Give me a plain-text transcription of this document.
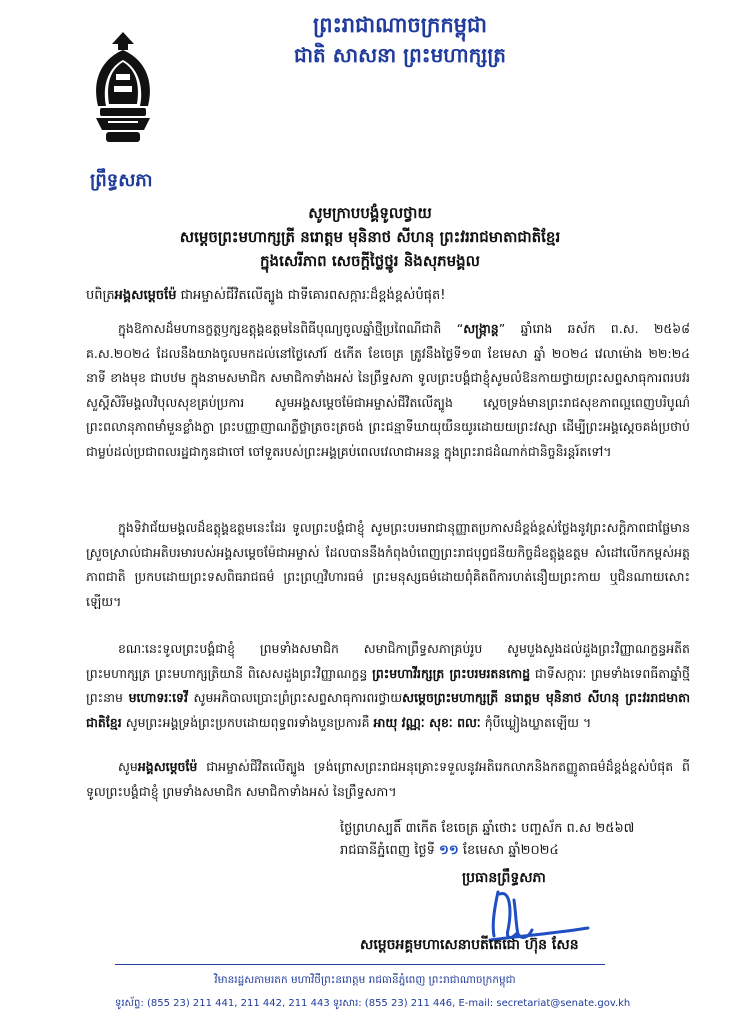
ព្រះរាជាណាចក្រកម្ពុជា
ជាតិ សាសនា ព្រះមហាក្សត្រ
ព្រឹទ្ធសភា
សូមក្រាបបង្គំទូលថ្វាយ
សម្ដេចព្រះមហាក្សត្រី នរោត្តម មុនិនាថ សីហនុ ព្រះវររាជមាតាជាតិខ្មែរ
ក្នុងសេរីភាព សេចក្ដីថ្លៃថ្នូរ និងសុភមង្គល
បពិត្រអង្គសម្ដេចម៉ែ ជាអម្ចាស់ជីវិតលើត្បូង ជាទីគោរពសក្ការៈដ៏ខ្ពង់ខ្ពស់បំផុត!
ក្នុងឱកាសដ៏មហានក្ខត្តឫក្សឧត្តុង្គឧត្តមនៃពិធីបុណ្យចូលឆ្នាំថ្មីប្រពៃណីជាតិ “សង្ក្រាន្ត” ឆ្នាំរោង ឆស័ក ព.ស. ២៥៦៨ គ.ស.២០២៤ ដែលនឹងយាងចូលមកដល់នៅថ្ងៃសៅរ៍ ៥កើត ខែចេត្រ ត្រូវនឹងថ្ងៃទី១៣ ខែមេសា ឆ្នាំ ២០២៤ វេលាម៉ោង ២២:២៤ នាទី ខាងមុខ ជាបឋម ក្នុងនាមសមាជិក សមាជិកាទាំងអស់ នៃព្រឹទ្ធសភា ទូលព្រះបង្គំជាខ្ញុំសូមលំឱនកាយថ្វាយព្រះសព្ទសាធុការពរបវរសួស្ដីសិរីមង្គលវិបុលសុខគ្រប់ប្រការ សូមអង្គសម្ដេចម៉ែជាអម្ចាស់ជីវិតលើត្បូង ស្ដេចទ្រង់មានព្រះរាជសុខភាពល្អពេញបរិបូណ៌ ព្រះពលានុភាពមាំមួនខ្លាំងក្លា ព្រះបញ្ញាញាណភ្លឺថ្លាត្រចះត្រចង់ ព្រះជន្មាទីឃាយុយឺនយូរដោយយព្រះវស្សា ដើម្បីព្រះអង្គស្ដេចគង់ប្រថាប់ជាម្លប់ដល់ប្រជាពលរដ្ឋជាកូនជាចៅ ចៅទួតរបស់ព្រះអង្គគ្រប់ពេលវេលាជាអនន្ត ក្នុងព្រះរាជដំណាក់ជានិច្ចនិរន្តរ៍តទៅ។
ក្នុងទិវាជ័យមង្គលដ៏ឧត្តុង្គឧត្តមនេះដែរ ទូលព្រះបង្គំជាខ្ញុំ សូមព្រះបរមរាជានុញ្ញាតប្រកាសដ៏ខ្ពង់ខ្ពស់ថ្លែងនូវព្រះសក្ដិភាពជាផ្លែមានស្រួចស្រាល់ជាអតិបរមារបស់អង្គសម្ដេចម៉ែជាអម្ចាស់ ដែលបាននឹងកំពុងបំពេញព្រះរាជបុព្វជនីយកិច្ចដ៏ឧត្តុង្គឧត្តម សំដៅលើកកម្ពស់អត្តភាពជាតិ ប្រកបដោយព្រះទសពិធរាជធម៌ ព្រះព្រហ្មវិហារធម៌ ព្រះមនុស្សធម៌ដោយពុំគិតពីការហត់នឿយព្រះកាយ ឬជិនណាយសោះឡើយ។
ខណៈនេះទូលព្រះបង្គំជាខ្ញុំ ព្រមទាំងសមាជិក សមាជិកាព្រឹទ្ធសភាគ្រប់រូប សូមបួងសួងដល់ដួងព្រះវិញ្ញាណក្ខន្ធអតីតព្រះមហាក្សត្រ ព្រះមហាក្សត្រិយានី ពិសេសដួងព្រះវិញ្ញាណក្ខន្ធ ព្រះមហាវីរក្សត្រ ព្រះបរមរតនកោដ្ឋ ជាទីសក្ការៈ ព្រមទាំងទេពធីតាឆ្នាំថ្មី ព្រះនាម មហោទរៈទេវី សូមអភិបាលប្រោះព្រំព្រះសព្ទសាធុការពរថ្វាយសម្ដេចព្រះមហាក្សត្រី នរោត្តម មុនិនាថ សីហនុ ព្រះវររាជមាតាជាតិខ្មែរ សូមព្រះអង្គទ្រង់ព្រះប្រកបដោយពុទ្ធពរទាំងបួនប្រការគឺ អាយុ វណ្ណៈ សុខៈ ពលៈ កុំបីឃ្លៀងឃ្លាតឡើយ ។
សូមអង្គសម្ដេចម៉ែ ជាអម្ចាស់ជីវិតលើត្បូង ទ្រង់ព្រោសព្រះរាជអនុគ្រោះទទួលនូវអតិរេកលាភនិងកតញ្ញូតាធម៌ដ៏ខ្ពង់ខ្ពស់បំផុត ពីទូលព្រះបង្គំជាខ្ញុំ ព្រមទាំងសមាជិក សមាជិកាទាំងអស់ នៃព្រឹទ្ធសភា។
ថ្ងៃព្រហស្បតិ៍ ៣កើត ខែចេត្រ ឆ្នាំថោះ បញ្ចស័ក ព.ស ២៥៦៧
រាជធានីភ្នំពេញ ថ្ងៃទី ១១ ខែមេសា ឆ្នាំ២០២៤
ប្រធានព្រឹទ្ធសភា
សម្ដេចអគ្គមហាសេនាបតីតេជោ ហ៊ុន សែន
វិមានរដ្ឋសភាមរតក មហាវិថីព្រះនរោត្តម រាជធានីភ្នំពេញ ព្រះរាជាណាចក្រកម្ពុជា
ទូរស័ព្ទ: (855 23) 211 441, 211 442, 211 443 ទូរសារ: (855 23) 211 446, E-mail: secretariat@senate.gov.kh
